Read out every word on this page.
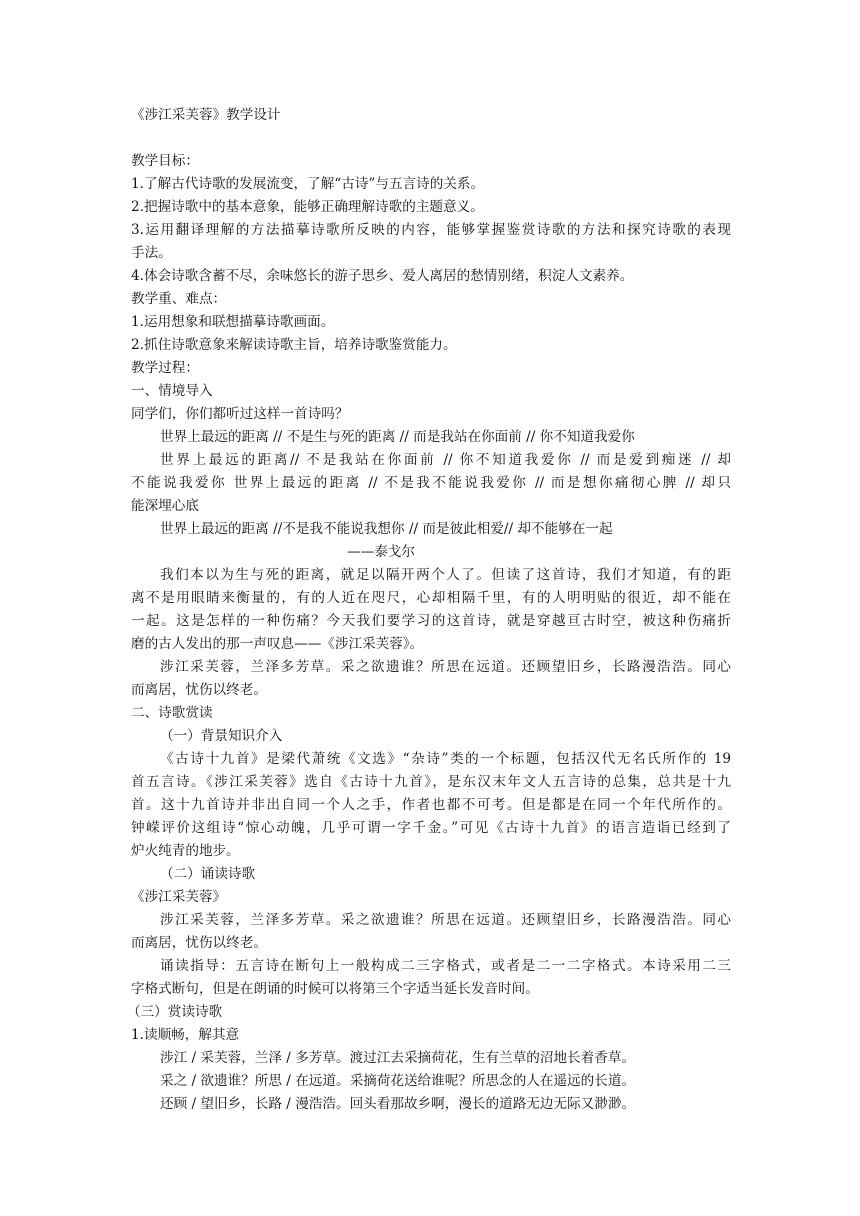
《涉江采芙蓉》教学设计
教学目标：
1.了解古代诗歌的发展流变，了解“古诗”与五言诗的关系。
2.把握诗歌中的基本意象，能够正确理解诗歌的主题意义。
3.运用翻译理解的方法描摹诗歌所反映的内容，能够掌握鉴赏诗歌的方法和探究诗歌的表现
手法。
4.体会诗歌含蓄不尽，余味悠长的游子思乡、爱人离居的愁情别绪，积淀人文素养。
教学重、难点：
1.运用想象和联想描摹诗歌画面。
2.抓住诗歌意象来解读诗歌主旨，培养诗歌鉴赏能力。
教学过程：
一、情境导入
同学们，你们都听过这样一首诗吗？
世界上最远的距离 // 不是生与死的距离 // 而是我站在你面前 // 你不知道我爱你
世界上最远的距离// 不是我站在你面前 // 你不知道我爱你 // 而是爱到痴迷 // 却
不能说我爱你 世界上最远的距离 // 不是我不能说我爱你 // 而是想你痛彻心脾 // 却只
能深埋心底
世界上最远的距离 //不是我不能说我想你 // 而是彼此相爱// 却不能够在一起
——泰戈尔
我们本以为生与死的距离，就足以隔开两个人了。但读了这首诗，我们才知道，有的距
离不是用眼睛来衡量的，有的人近在咫尺，心却相隔千里，有的人明明贴的很近，却不能在
一起。这是怎样的一种伤痛？今天我们要学习的这首诗，就是穿越亘古时空，被这种伤痛折
磨的古人发出的那一声叹息——《涉江采芙蓉》。
涉江采芙蓉，兰泽多芳草。采之欲遗谁？所思在远道。还顾望旧乡，长路漫浩浩。同心
而离居，忧伤以终老。
二、诗歌赏读
（一）背景知识介入
《古诗十九首》是梁代萧统《文选》“杂诗”类的一个标题，包括汉代无名氏所作的 19
首五言诗。《涉江采芙蓉》选自《古诗十九首》，是东汉末年文人五言诗的总集，总共是十九
首。这十九首诗并非出自同一个人之手，作者也都不可考。但是都是在同一个年代所作的。
钟嵘评价这组诗“惊心动魄，几乎可谓一字千金。”可见《古诗十九首》的语言造诣已经到了
炉火纯青的地步。
（二）诵读诗歌
《涉江采芙蓉》
涉江采芙蓉，兰泽多芳草。采之欲遗谁？所思在远道。还顾望旧乡，长路漫浩浩。同心
而离居，忧伤以终老。
诵读指导：五言诗在断句上一般构成二三字格式，或者是二一二字格式。本诗采用二三
字格式断句，但是在朗诵的时候可以将第三个字适当延长发音时间。
（三）赏读诗歌
1.读顺畅，解其意
涉江 / 采芙蓉，兰泽 / 多芳草。渡过江去采摘荷花，生有兰草的沼地长着香草。
采之 / 欲遗谁？所思 / 在远道。采摘荷花送给谁呢？所思念的人在遥远的长道。
还顾 / 望旧乡，长路 / 漫浩浩。回头看那故乡啊，漫长的道路无边无际又渺渺。
